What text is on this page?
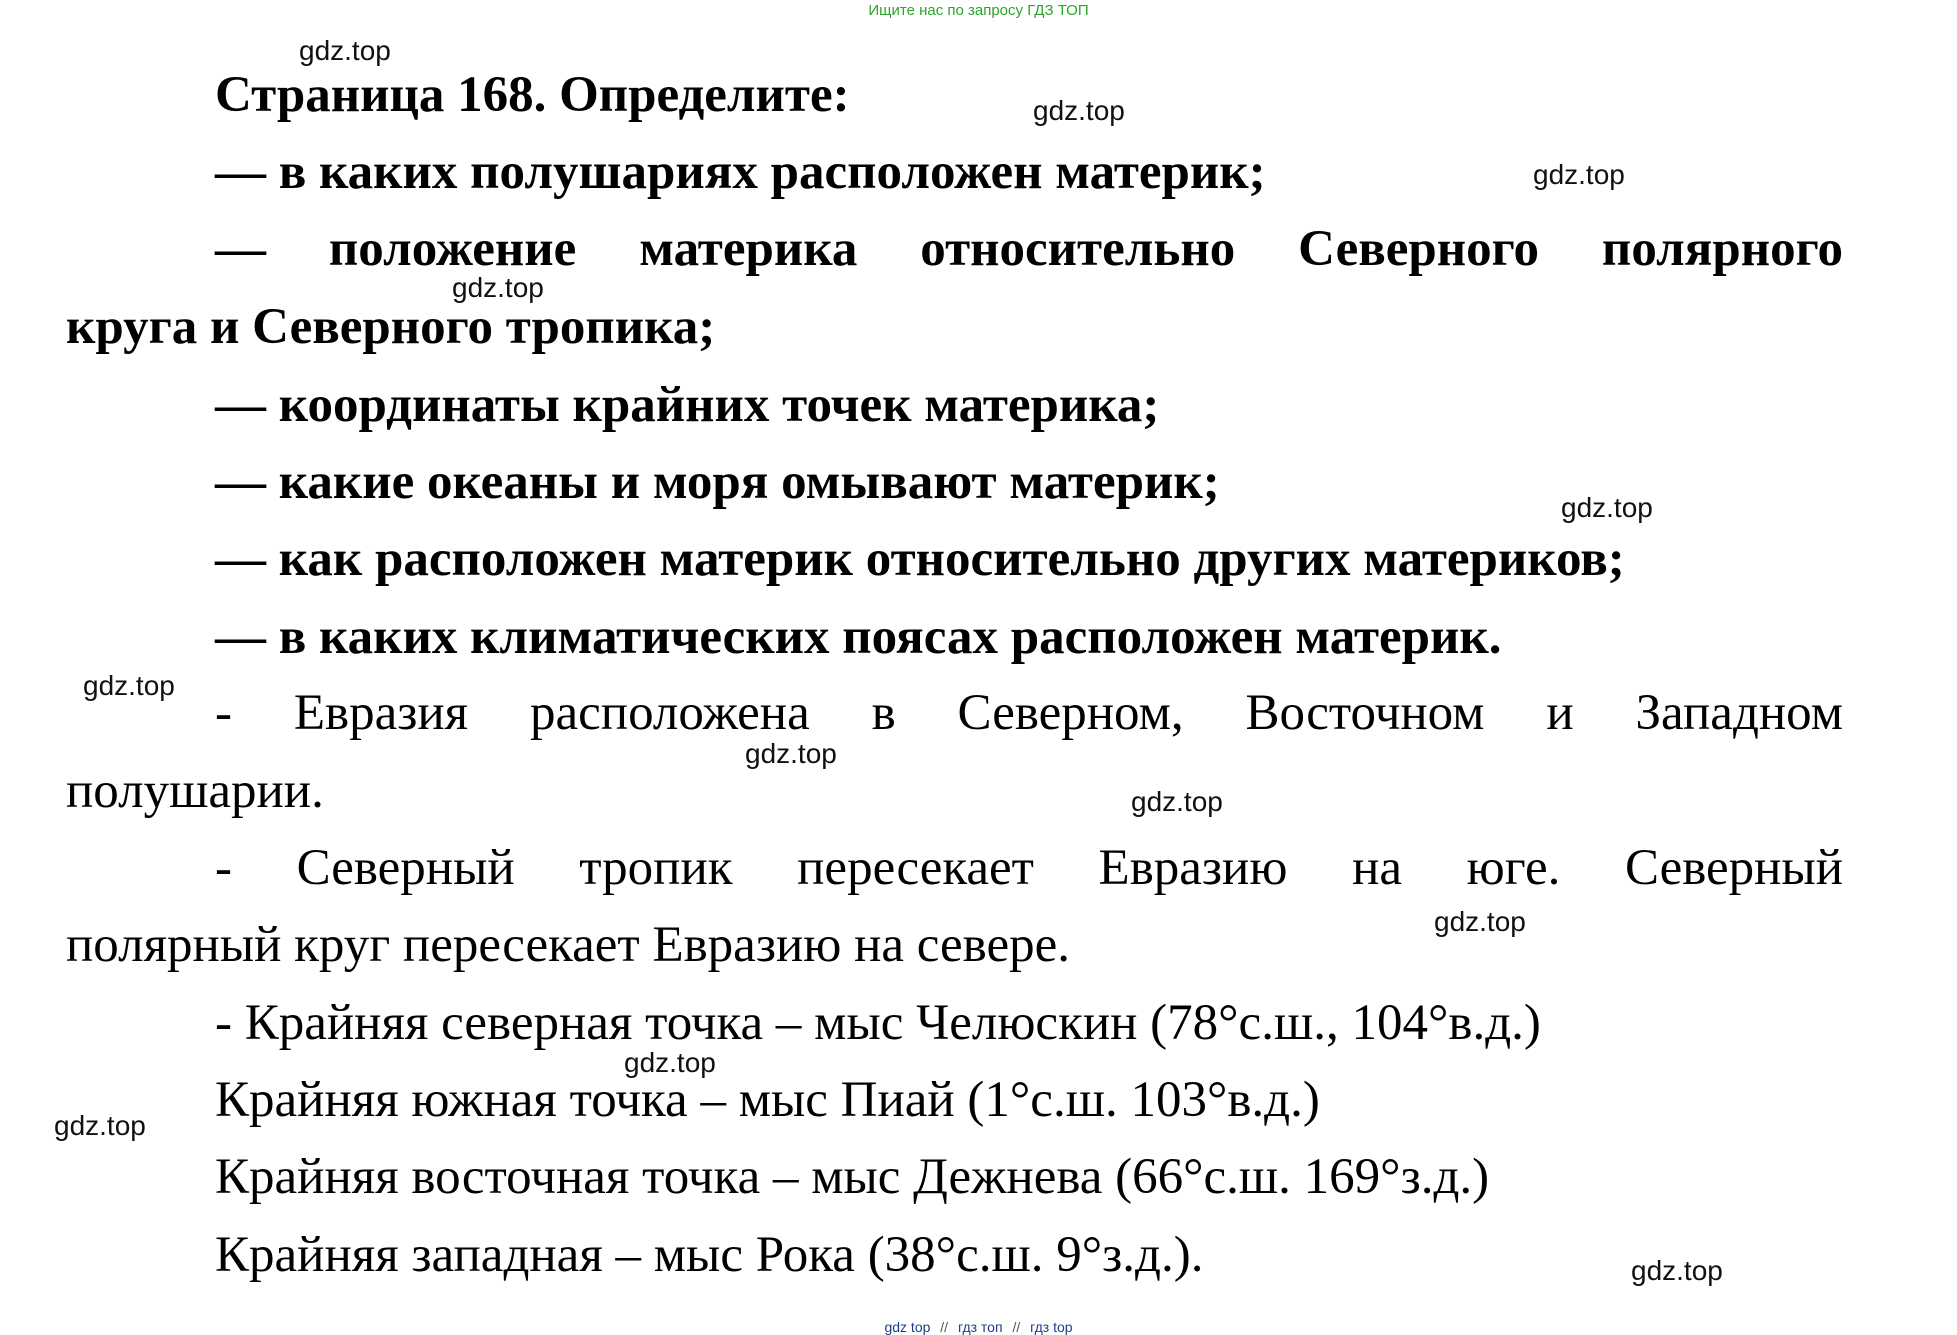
Ищите нас по запросу ГДЗ ТОП
Страница 168. Определите:
— в каких полушариях расположен материк;
— положение материка относительно Северного полярного
круга и Северного тропика;
— координаты крайних точек материка;
— какие океаны и моря омывают материк;
— как расположен материк относительно других материков;
— в каких климатических поясах расположен материк.
- Евразия расположена в Северном, Восточном и Западном
полушарии.
- Северный тропик пересекает Евразию на юге. Северный
полярный круг пересекает Евразию на севере.
- Крайняя северная точка – мыс Челюскин (78°с.ш., 104°в.д.)
Крайняя южная точка – мыс Пиай (1°с.ш. 103°в.д.)
Крайняя восточная точка – мыс Дежнева (66°с.ш. 169°з.д.)
Крайняя западная – мыс Рока (38°с.ш. 9°з.д.).
gdz.top
gdz.top
gdz.top
gdz.top
gdz.top
gdz.top
gdz.top
gdz.top
gdz.top
gdz.top
gdz.top
gdz.top
gdz top // гдз топ // гдз top
